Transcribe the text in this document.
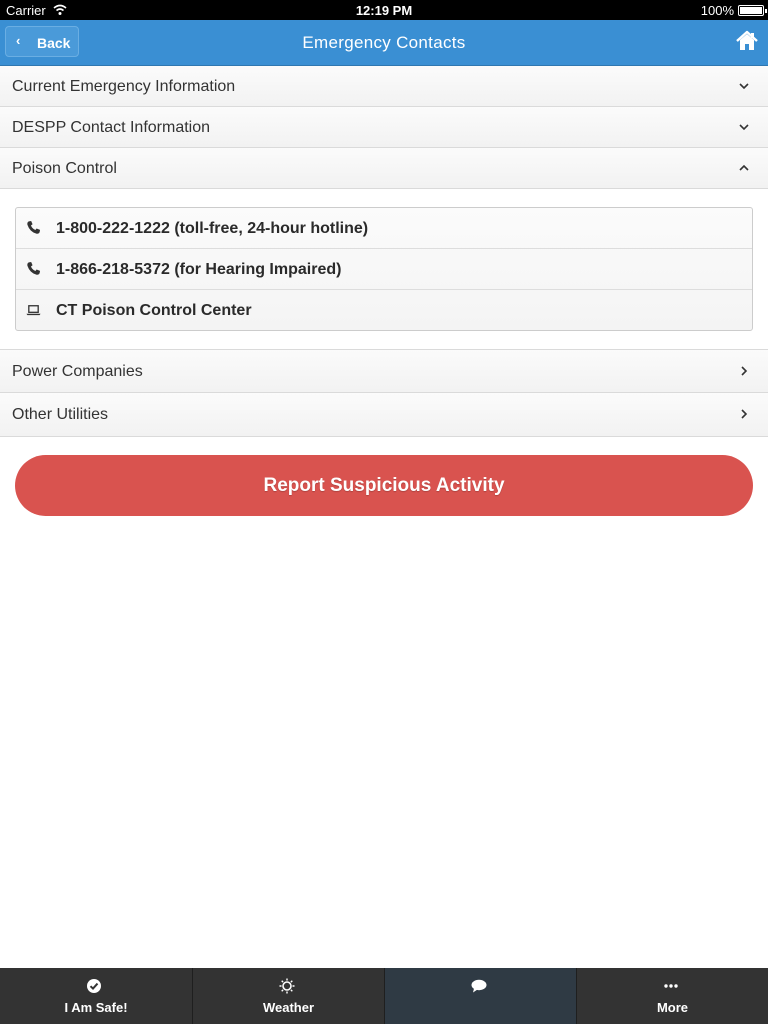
Carrier	12:19 PM	100%
‹ Back	Emergency Contacts
Current Emergency Information
DESPP Contact Information
Poison Control
1-800-222-1222 (toll-free, 24-hour hotline)
1-866-218-5372 (for Hearing Impaired)
CT Poison Control Center
Power Companies
Other Utilities
Report Suspicious Activity
I Am Safe!	Weather	More
